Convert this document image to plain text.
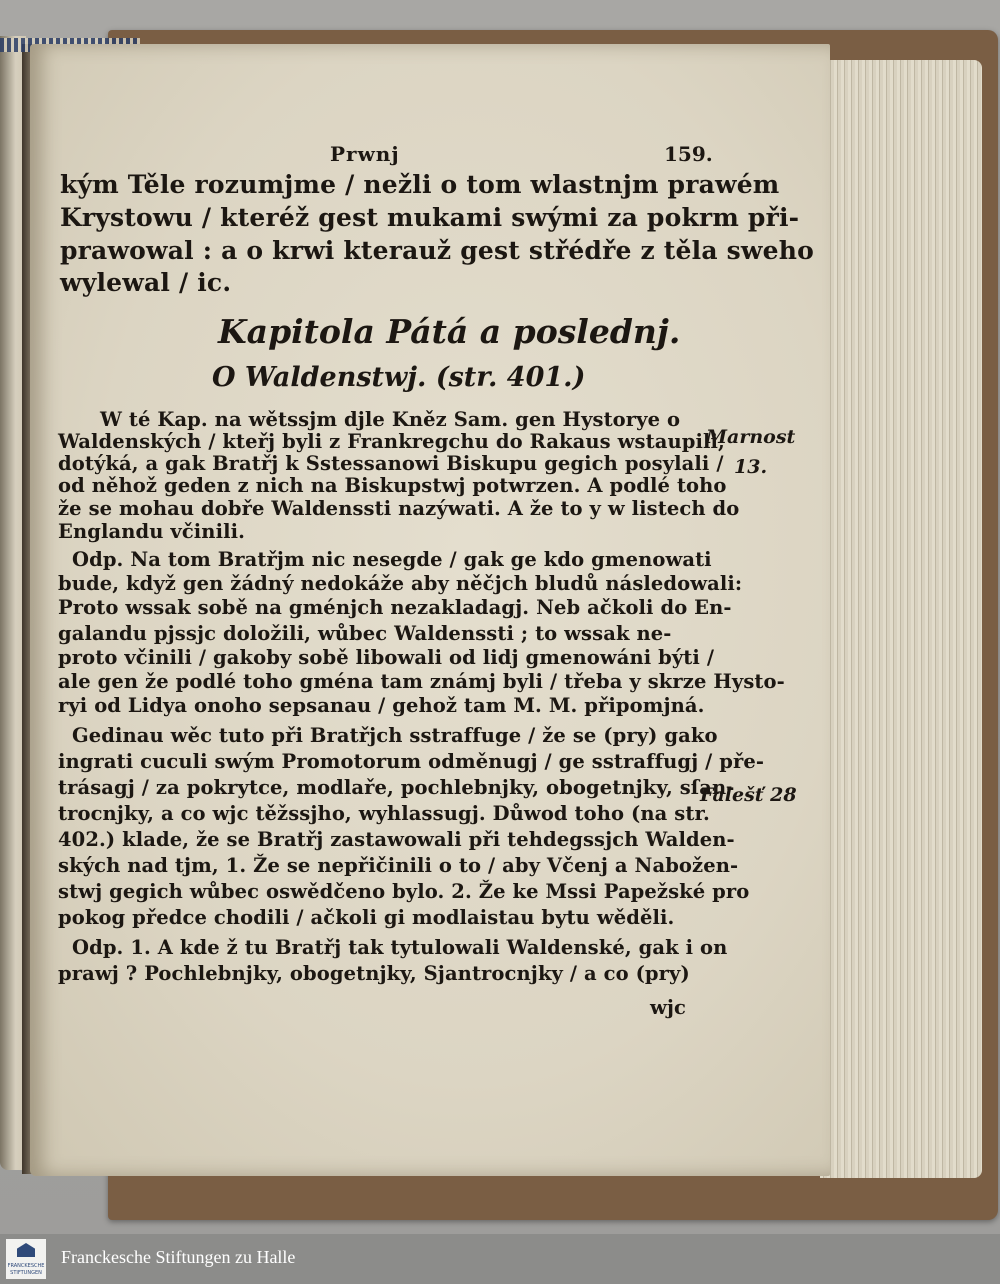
Prwnj	159.
kým Těle rozumjme / nežli o tom wlastnjm prawém
Krystowu / kteréž gest mukami swými za pokrm při-
prawowal : a o krwi kterauž gest střédře z těla sweho
wylewal / ic.
Kapitola Pátá a poslednj.
O Waldenstwj. (str. 401.)
W té Kap. na wětssjm djle Kněz Sam. gen Hystorye o
Waldenských / kteřj byli z Frankregchu do Rakaus wstaupili,
dotýká, a gak Bratřj k Sstessanowi Biskupu gegich posylali /
od něhož geden z nich na Biskupstwj potwrzen. A podlé toho
že se mohau dobře Waldenssti nazýwati. A že to y w listech do
Englandu včinili.
Odp. Na tom Bratřjm nic nesegde / gak ge kdo gmenowati
bude, když gen žádný nedokáže aby něčjch bludů následowali:
Proto wssak sobě na gménjch nezakladagj. Neb ačkoli do En-
galandu pjssjc doložili, wůbec Waldenssti ; to wssak ne-
proto včinili / gakoby sobě libowali od lidj gmenowáni býti /
ale gen že podlé toho gména tam známj byli / třeba y skrze Hysto-
ryi od Lidya onoho sepsanau / gehož tam M. M. připomjná.
Gedinau wěc tuto při Bratřjch sstraffuge / že se (pry) gako
ingrati cuculi swým Promotorum odměnugj / ge sstraffugj / pře-
trásagj / za pokrytce, modlaře, pochlebnjky, obogetnjky, sſan-
trocnjky, a co wjc těžssjho, wyhlassugj. Důwod toho (na str.
402.) klade, že se Bratřj zastawowali při tehdegssjch Walden-
ských nad tjm, 1. Že se nepřičinili o to / aby Včenj a Nabožen-
stwj gegich wůbec oswědčeno bylo. 2. Že ke Mssi Papežské pro
pokog předce chodili / ačkoli gi modlaistau bytu wěděli.
Odp. 1. A kde ž tu Bratřj tak tytulowali Waldenské, gak i on
prawj ? Pochlebnjky, obogetnjky, Sjantrocnjky / a co (pry)
wjc
Marnost
13.
Falešť 28
FRANCKESCHE
STIFTUNGEN
Franckesche Stiftungen zu Halle
